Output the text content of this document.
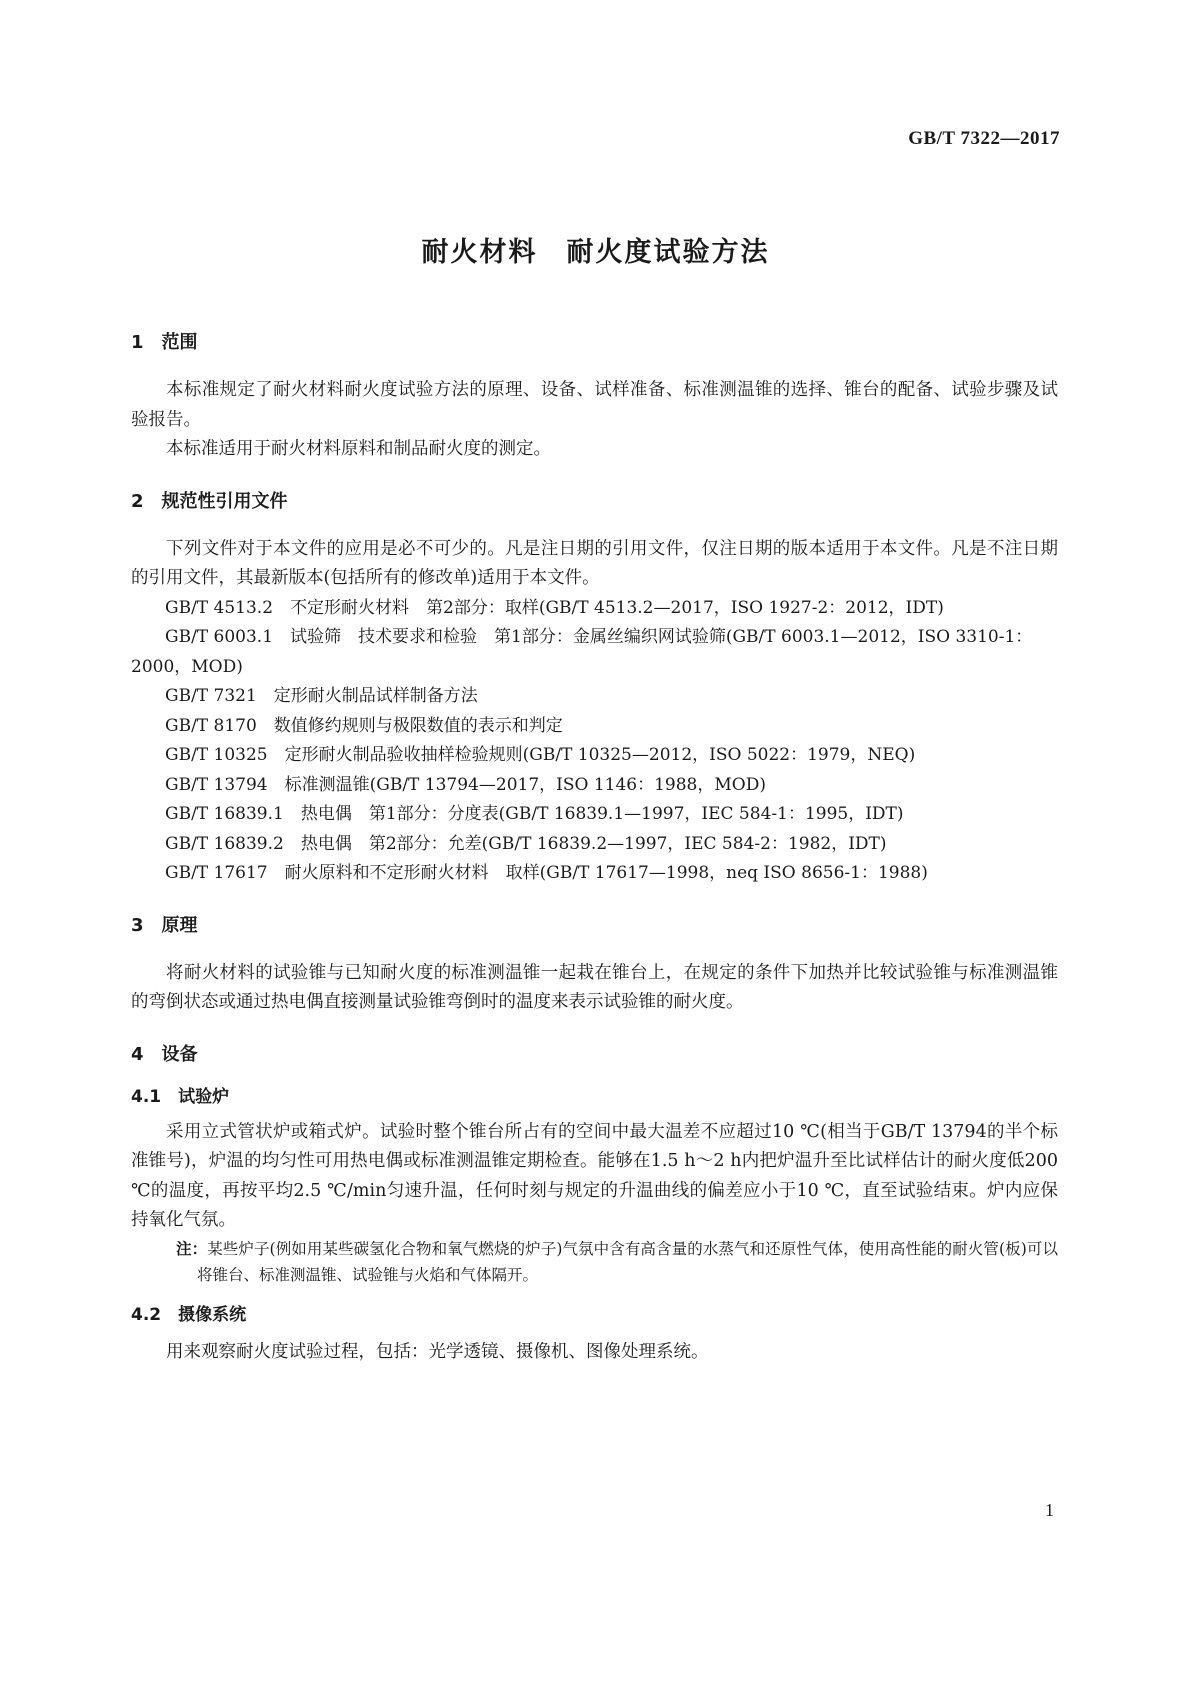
GB/T 7322—2017
耐火材料　耐火度试验方法
1　范围

本标准规定了耐火材料耐火度试验方法的原理、设备、试样准备、标准测温锥的选择、锥台的配备、试验步骤及试验报告。

本标准适用于耐火材料原料和制品耐火度的测定。

2　规范性引用文件

下列文件对于本文件的应用是必不可少的。凡是注日期的引用文件，仅注日期的版本适用于本文件。凡是不注日期的引用文件，其最新版本(包括所有的修改单)适用于本文件。

GB/T 4513.2　不定形耐火材料　第2部分：取样(GB/T 4513.2—2017，ISO 1927-2：2012，IDT)
GB/T 6003.1　试验筛　技术要求和检验　第1部分：金属丝编织网试验筛(GB/T 6003.1—2012，ISO 3310-1：2000，MOD)
GB/T 7321　定形耐火制品试样制备方法
GB/T 8170　数值修约规则与极限数值的表示和判定
GB/T 10325　定形耐火制品验收抽样检验规则(GB/T 10325—2012，ISO 5022：1979，NEQ)
GB/T 13794　标准测温锥(GB/T 13794—2017，ISO 1146：1988，MOD)
GB/T 16839.1　热电偶　第1部分：分度表(GB/T 16839.1—1997，IEC 584-1：1995，IDT)
GB/T 16839.2　热电偶　第2部分：允差(GB/T 16839.2—1997，IEC 584-2：1982，IDT)
GB/T 17617　耐火原料和不定形耐火材料　取样(GB/T 17617—1998，neq ISO 8656-1：1988)
3　原理

将耐火材料的试验锥与已知耐火度的标准测温锥一起栽在锥台上，在规定的条件下加热并比较试验锥与标准测温锥的弯倒状态或通过热电偶直接测量试验锥弯倒时的温度来表示试验锥的耐火度。

4　设备
4.1　试验炉

采用立式管状炉或箱式炉。试验时整个锥台所占有的空间中最大温差不应超过10 ℃(相当于GB/T 13794的半个标准锥号)，炉温的均匀性可用热电偶或标准测温锥定期检查。能够在1.5 h～2 h内把炉温升至比试样估计的耐火度低200 ℃的温度，再按平均2.5 ℃/min匀速升温，任何时刻与规定的升温曲线的偏差应小于10 ℃，直至试验结束。炉内应保持氧化气氛。

注：某些炉子(例如用某些碳氢化合物和氧气燃烧的炉子)气氛中含有高含量的水蒸气和还原性气体，使用高性能的耐火管(板)可以将锥台、标准测温锥、试验锥与火焰和气体隔开。
4.2　摄像系统

用来观察耐火度试验过程，包括：光学透镜、摄像机、图像处理系统。

1
